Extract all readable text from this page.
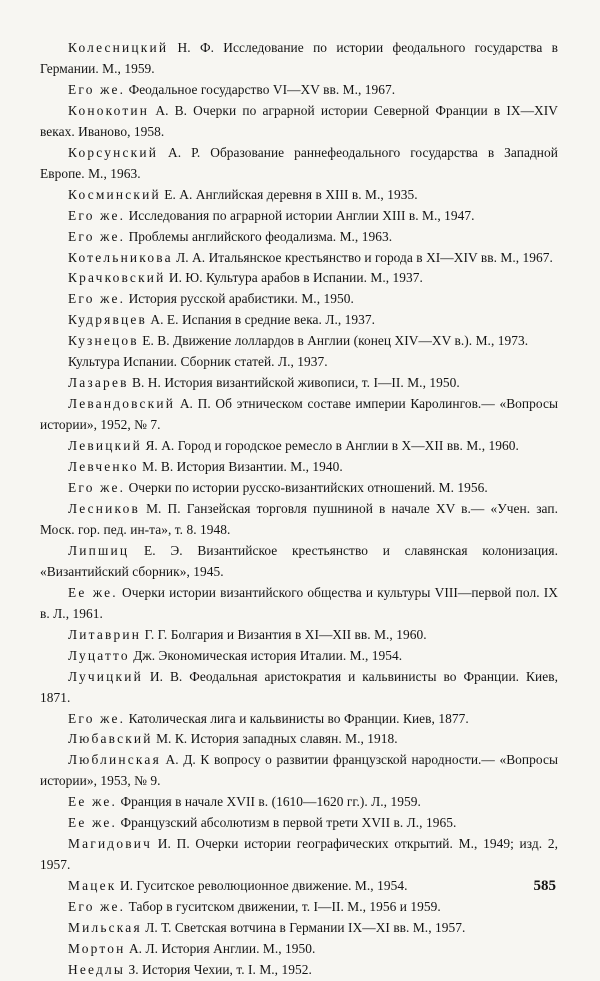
Колесницкий Н. Ф. Исследование по истории феодального государства в Германии. М., 1959.
Его же. Феодальное государство VI—XV вв. М., 1967.
Конокотин А. В. Очерки по аграрной истории Северной Франции в IX—XIV веках. Иваново, 1958.
Корсунский А. Р. Образование раннефеодального государства в Западной Европе. М., 1963.
Косминский Е. А. Английская деревня в XIII в. М., 1935.
Его же. Исследования по аграрной истории Англии XIII в. М., 1947.
Его же. Проблемы английского феодализма. М., 1963.
Котельникова Л. А. Итальянское крестьянство и города в XI—XIV вв. М., 1967.
Крачковский И. Ю. Культура арабов в Испании. М., 1937.
Его же. История русской арабистики. М., 1950.
Кудрявцев А. Е. Испания в средние века. Л., 1937.
Кузнецов Е. В. Движение лоллардов в Англии (конец XIV—XV в.). М., 1973.
Культура Испании. Сборник статей. Л., 1937.
Лазарев В. Н. История византийской живописи, т. I—II. М., 1950.
Левандовский А. П. Об этническом составе империи Каролингов.— «Вопросы истории», 1952, № 7.
Левицкий Я. А. Город и городское ремесло в Англии в X—XII вв. М., 1960.
Левченко М. В. История Византии. М., 1940.
Его же. Очерки по истории русско-византийских отношений. М. 1956.
Лесников М. П. Ганзейская торговля пушниной в начале XV в.— «Учен. зап. Моск. гор. пед. ин-та», т. 8. 1948.
Липшиц Е. Э. Византийское крестьянство и славянская колонизация. «Византийский сборник», 1945.
Ее же. Очерки истории византийского общества и культуры VIII—первой пол. IX в. Л., 1961.
Литаврин Г. Г. Болгария и Византия в XI—XII вв. М., 1960.
Луцатто Дж. Экономическая история Италии. М., 1954.
Лучицкий И. В. Феодальная аристократия и кальвинисты во Франции. Киев, 1871.
Его же. Католическая лига и кальвинисты во Франции. Киев, 1877.
Любавский М. К. История западных славян. М., 1918.
Люблинская А. Д. К вопросу о развитии французской народности.— «Вопросы истории», 1953, № 9.
Ее же. Франция в начале XVII в. (1610—1620 гг.). Л., 1959.
Ее же. Французский абсолютизм в первой трети XVII в. Л., 1965.
Магидович И. П. Очерки истории географических открытий. М., 1949; изд. 2, 1957.
Мацек И. Гуситское революционное движение. М., 1954.
Его же. Табор в гуситском движении, т. I—II. М., 1956 и 1959.
Мильская Л. Т. Светская вотчина в Германии IX—XI вв. М., 1957.
Мортон А. Л. История Англии. М., 1950.
Неедлы З. История Чехии, т. I. М., 1952.
585
